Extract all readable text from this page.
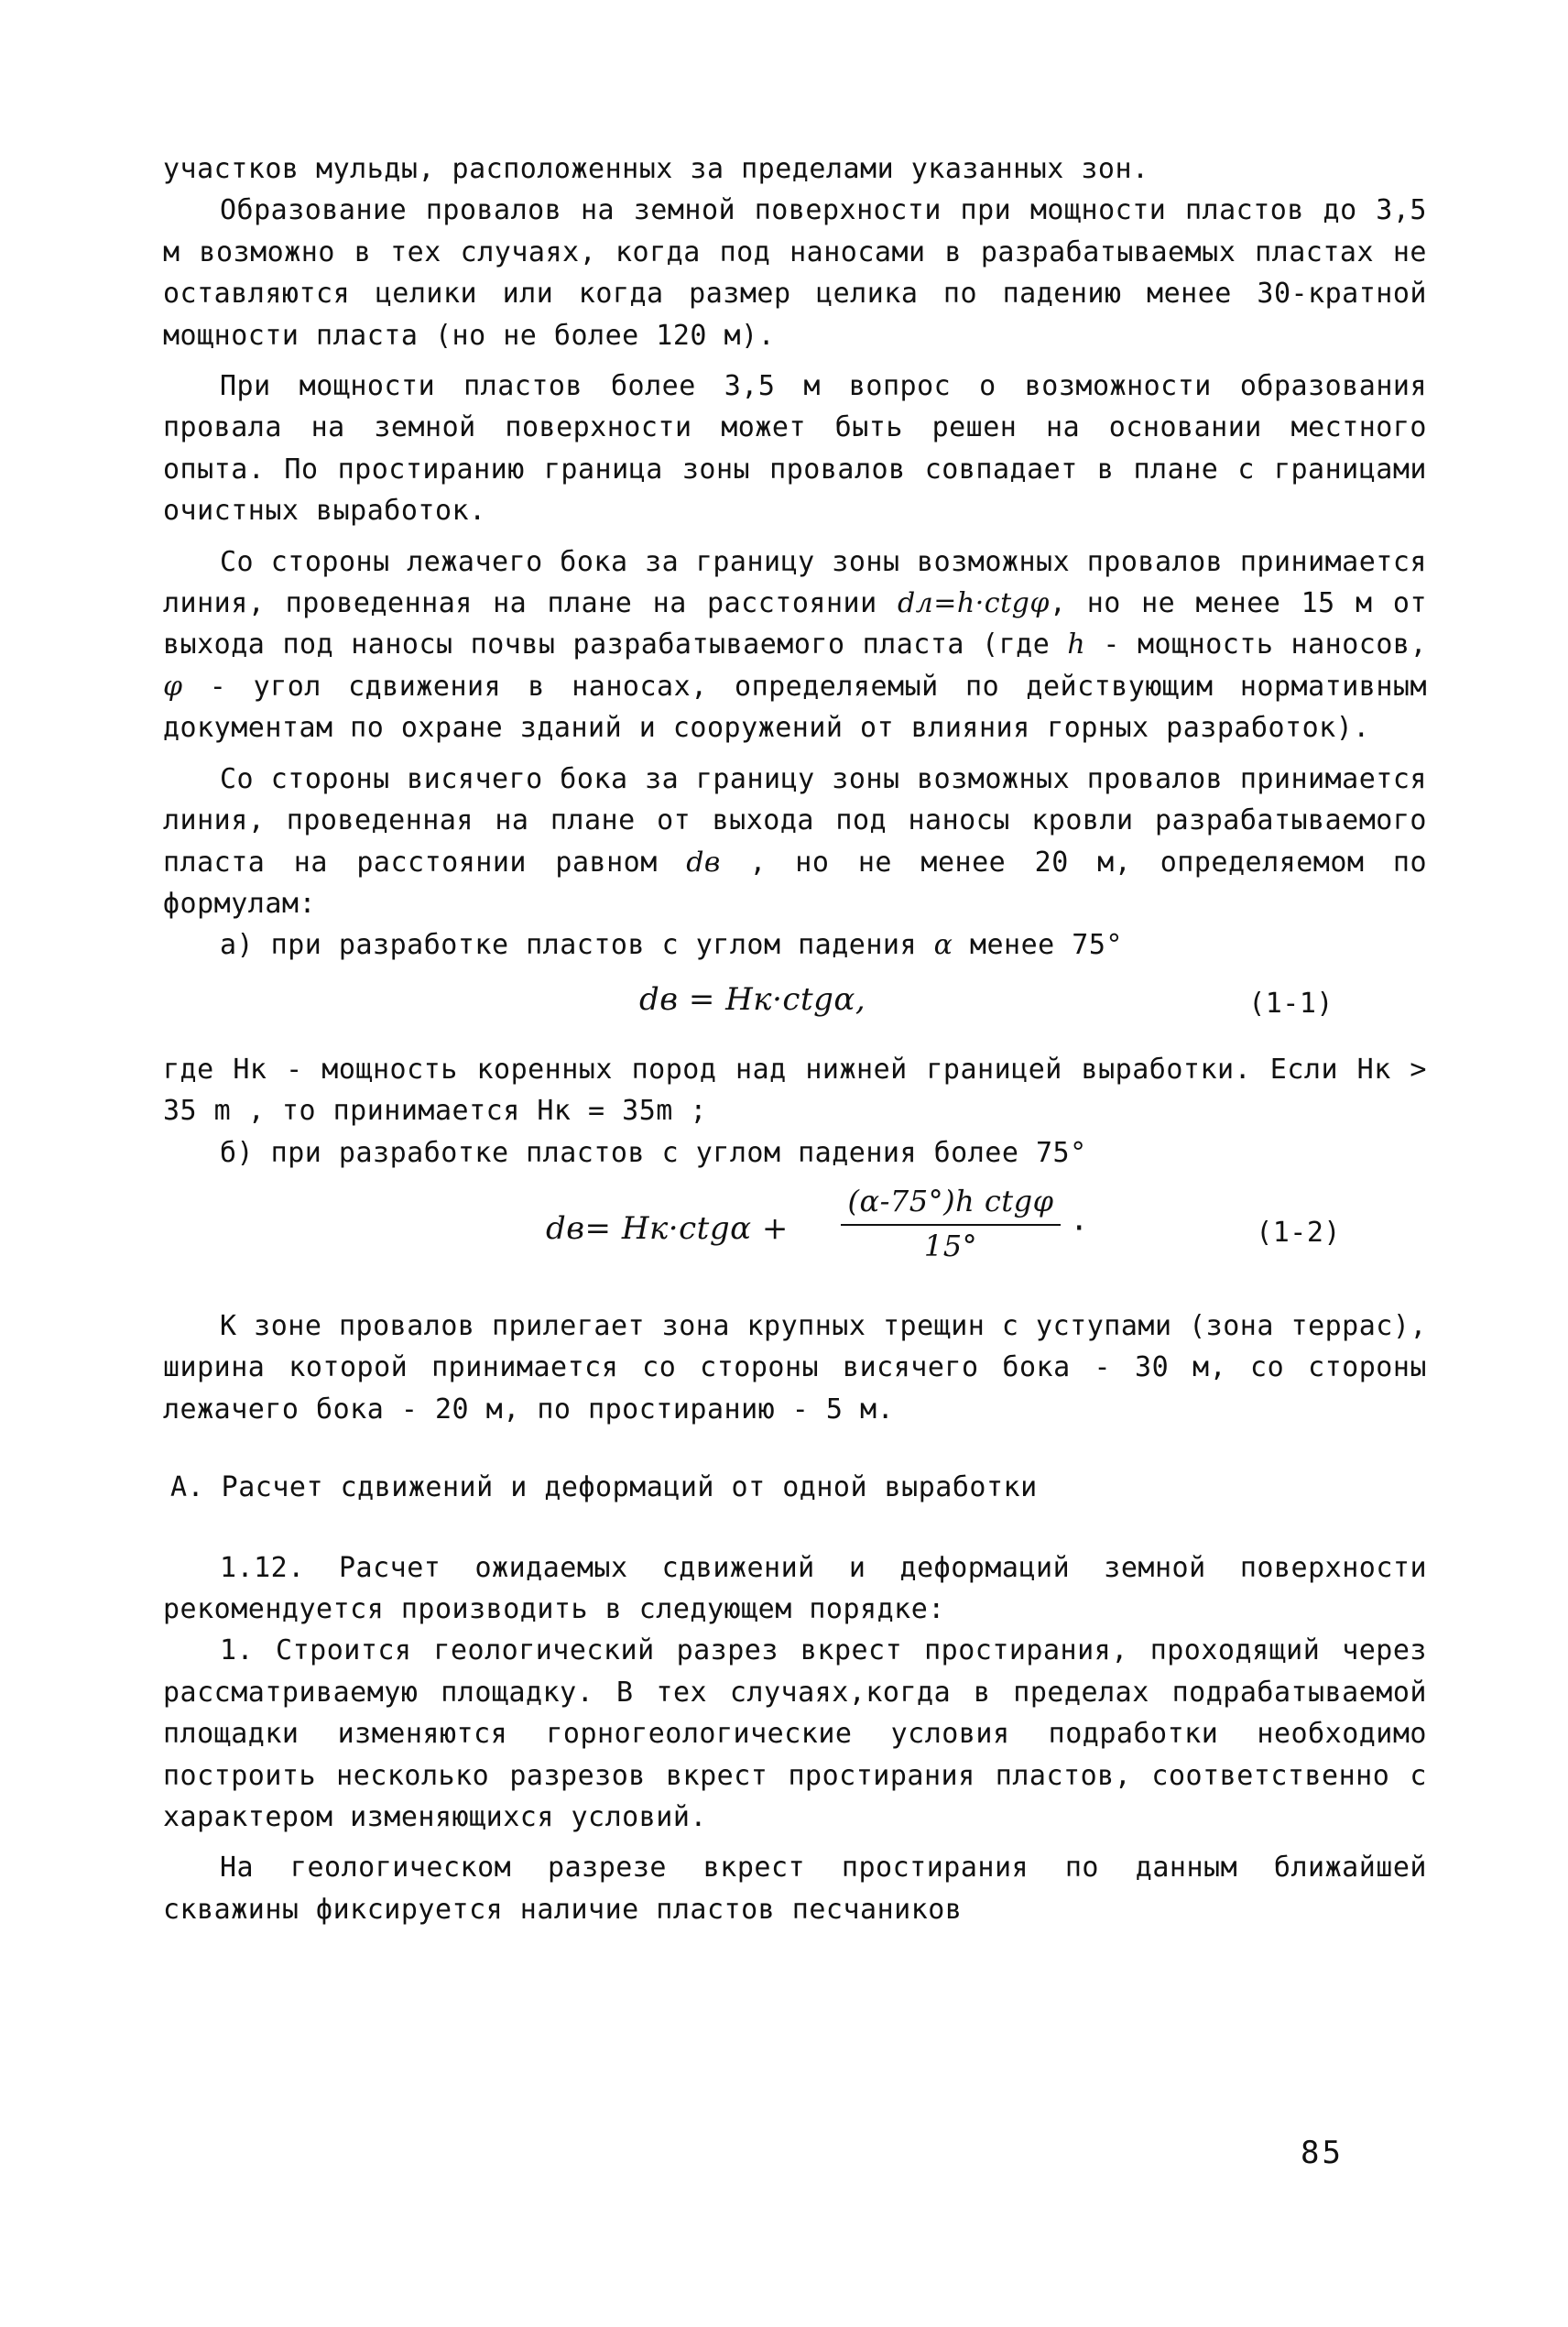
участков мульды, расположенных за пределами указанных зон.

Образование провалов на земной поверхности при мощности пластов до 3,5 м возможно в тех случаях, когда под наносами в разрабатываемых пластах не оставляются целики или когда размер целика по падению менее 30-кратной мощности пласта (но не более 120 м).

При мощности пластов более 3,5 м вопрос о возможности образования провала на земной поверхности может быть решен на основании местного опыта. По простиранию граница зоны провалов совпадает в плане с границами очистных выработок.

Со стороны лежачего бока за границу зоны возможных провалов принимается линия, проведенная на плане на расстоянии dл=h·ctgφ, но не менее 15 м от выхода под наносы почвы разрабатываемого пласта (где h - мощность наносов, φ - угол сдвижения в наносах, определяемый по действующим нормативным документам по охране зданий и сооружений от влияния горных разработок).

Со стороны висячего бока за границу зоны возможных провалов принимается линия, проведенная на плане от выхода под наносы кровли разрабатываемого пласта на расстоянии равном dв , но не менее 20 м, определяемом по формулам:

а) при разработке пластов с углом падения α менее 75°

dв = Hк·ctgα,	(1-1)

где Hк - мощность коренных пород над нижней границей выработки. Если Hк > 35 m , то принимается Hк = 35m ;

б) при разработке пластов с углом падения более 75°

dв= Hк·ctgα +
(α-75°)h ctgφ
15°	·	(1-2)

К зоне провалов прилегает зона крупных трещин с уступами (зона террас), ширина которой принимается со стороны висячего бока - 30 м, со стороны лежачего бока - 20 м, по простиранию - 5 м.

А. Расчет сдвижений и деформаций от одной выработки

1.12. Расчет ожидаемых сдвижений и деформаций земной поверхности рекомендуется производить в следующем порядке:

1. Строится геологический разрез вкрест простирания, проходящий через рассматриваемую площадку. В тех случаях,когда в пределах подрабатываемой площадки изменяются горногеологические условия подработки необходимо построить несколько разрезов вкрест простирания пластов, соответственно с характером изменяющихся условий.

На геологическом разрезе вкрест простирания по данным ближайшей скважины фиксируется наличие пластов песчаников

85
